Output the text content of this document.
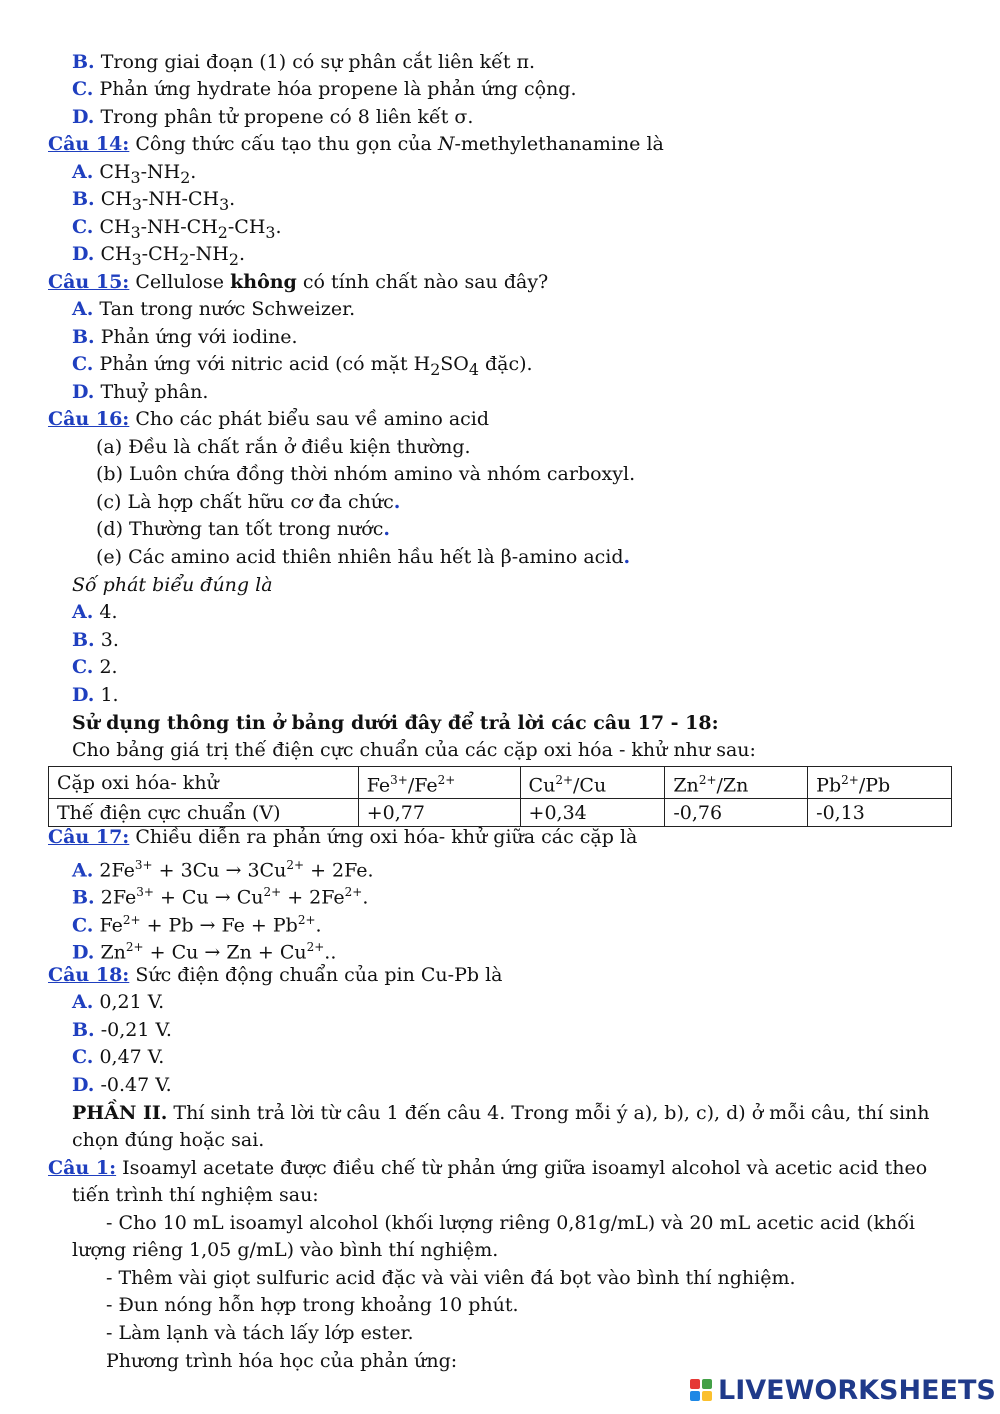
B. Trong giai đoạn (1) có sự phân cắt liên kết π.
C. Phản ứng hydrate hóa propene là phản ứng cộng.
D. Trong phân tử propene có 8 liên kết σ.
Câu 14: Công thức cấu tạo thu gọn của N-methylethanamine là
A. $CH_3-NH_2$.
B. $CH_3-NH-CH_3$.
C. $CH_3-NH-CH_2-CH_3$.
D. $CH_3-CH_2-NH_2$.
Câu 15: Cellulose không có tính chất nào sau đây?
A. Tan trong nước Schweizer.
B. Phản ứng với iodine.
C. Phản ứng với nitric acid (có mặt $H_2SO_4$ đặc).
D. Thuỷ phân.
Câu 16: Cho các phát biểu sau về amino acid
(a) Đều là chất rắn ở điều kiện thường.
(b) Luôn chứa đồng thời nhóm amino và nhóm carboxyl.
(c) Là hợp chất hữu cơ đa chức.
(d) Thường tan tốt trong nước.
(e) Các amino acid thiên nhiên hầu hết là β-amino acid.
Số phát biểu đúng là
A. 4.
B. 3.
C. 2.
D. 1.
Sử dụng thông tin ở bảng dưới đây để trả lời các câu 17 - 18:
Cho bảng giá trị thế điện cực chuẩn của các cặp oxi hóa - khử như sau:
Cặp oxi hóa- khử	$Fe^{3+}/Fe^{2+}$	$Cu^{2+}/Cu$	$Zn^{2+}/Zn$	$Pb^{2+}/Pb$
Thế điện cực chuẩn (V)	+0,77	+0,34	-0,76	-0,13
Câu 17: Chiều diễn ra phản ứng oxi hóa- khử giữa các cặp là
A. $2Fe^{3+} + 3Cu \to 3Cu^{2+} + 2Fe$.
B. $2Fe^{3+} + Cu \to Cu^{2+} + 2Fe^{2+}$.
C. $Fe^{2+} + Pb \to Fe + Pb^{2+}$.
D. $Zn^{2+} + Cu \to Zn + Cu^{2+}$..
Câu 18: Sức điện động chuẩn của pin Cu-Pb là
A. 0,21 V.
B. -0,21 V.
C. 0,47 V.
D. -0.47 V.
PHẦN II. Thí sinh trả lời từ câu 1 đến câu 4. Trong mỗi ý a), b), c), d) ở mỗi câu, thí sinh
chọn đúng hoặc sai.
Câu 1: Isoamyl acetate được điều chế từ phản ứng giữa isoamyl alcohol và acetic acid theo
tiến trình thí nghiệm sau:
- Cho 10 mL isoamyl alcohol (khối lượng riêng 0,81g/mL) và 20 mL acetic acid (khối
lượng riêng 1,05 g/mL) vào bình thí nghiệm.
- Thêm vài giọt sulfuric acid đặc và vài viên đá bọt vào bình thí nghiệm.
- Đun nóng hỗn hợp trong khoảng 10 phút.
- Làm lạnh và tách lấy lớp ester.
Phương trình hóa học của phản ứng:
LIVEWORKSHEETS
